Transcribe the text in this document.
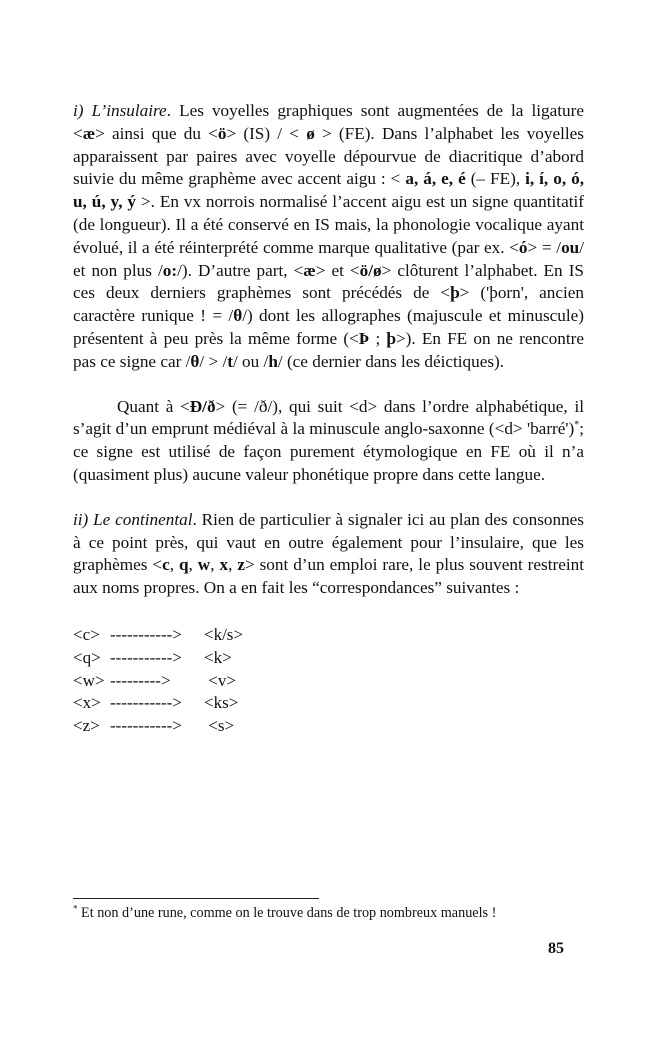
i) L’insulaire. Les voyelles graphiques sont augmentées de la ligature <æ> ainsi que du <ö> (IS) / < ø > (FE). Dans l’alphabet les voyelles apparaissent par paires avec voyelle dépourvue de diacritique d’abord suivie du même graphème avec accent aigu : < a, á, e, é (– FE), i, í, o, ó, u, ú, y, ý >. En vx norrois normalisé l’accent aigu est un signe quantitatif (de longueur). Il a été conservé en IS mais, la phonologie vocalique ayant évolué, il a été réinterprété comme marque qualitative (par ex. <ó> = /ou/ et non plus /o:/). D’autre part, <æ> et <ö/ø> clôturent l’alphabet. En IS ces deux derniers graphèmes sont précédés de <þ> ('þorn', ancien caractère runique ! = /θ/) dont les allographes (majuscule et minuscule) présentent à peu près la même forme (<Þ ; þ>). En FE on ne rencontre pas ce signe car /θ/ > /t/ ou /h/ (ce dernier dans les déictiques).

Quant à <Ð/ð> (= /ð/), qui suit <d> dans l’ordre alphabétique, il s’agit d’un emprunt médiéval à la minuscule anglo-saxonne (<d> 'barré')*; ce signe est utilisé de façon purement étymologique en FE où il n’a (quasiment plus) aucune valeur phonétique propre dans cette langue.

ii) Le continental. Rien de particulier à signaler ici au plan des consonnes à ce point près, qui vaut en outre également pour l’insulaire, que les graphèmes <c, q, w, x, z> sont d’un emploi rare, le plus souvent restreint aux noms propres. On a en fait les “correspondances” suivantes :

<c> ----------->	<k/s>
<q> ----------->	<k>
<w> --------->	<v>
<x> ----------->	<ks>
<z> ----------->	<s>
* Et non d’une rune, comme on le trouve dans de trop nombreux manuels !
85
